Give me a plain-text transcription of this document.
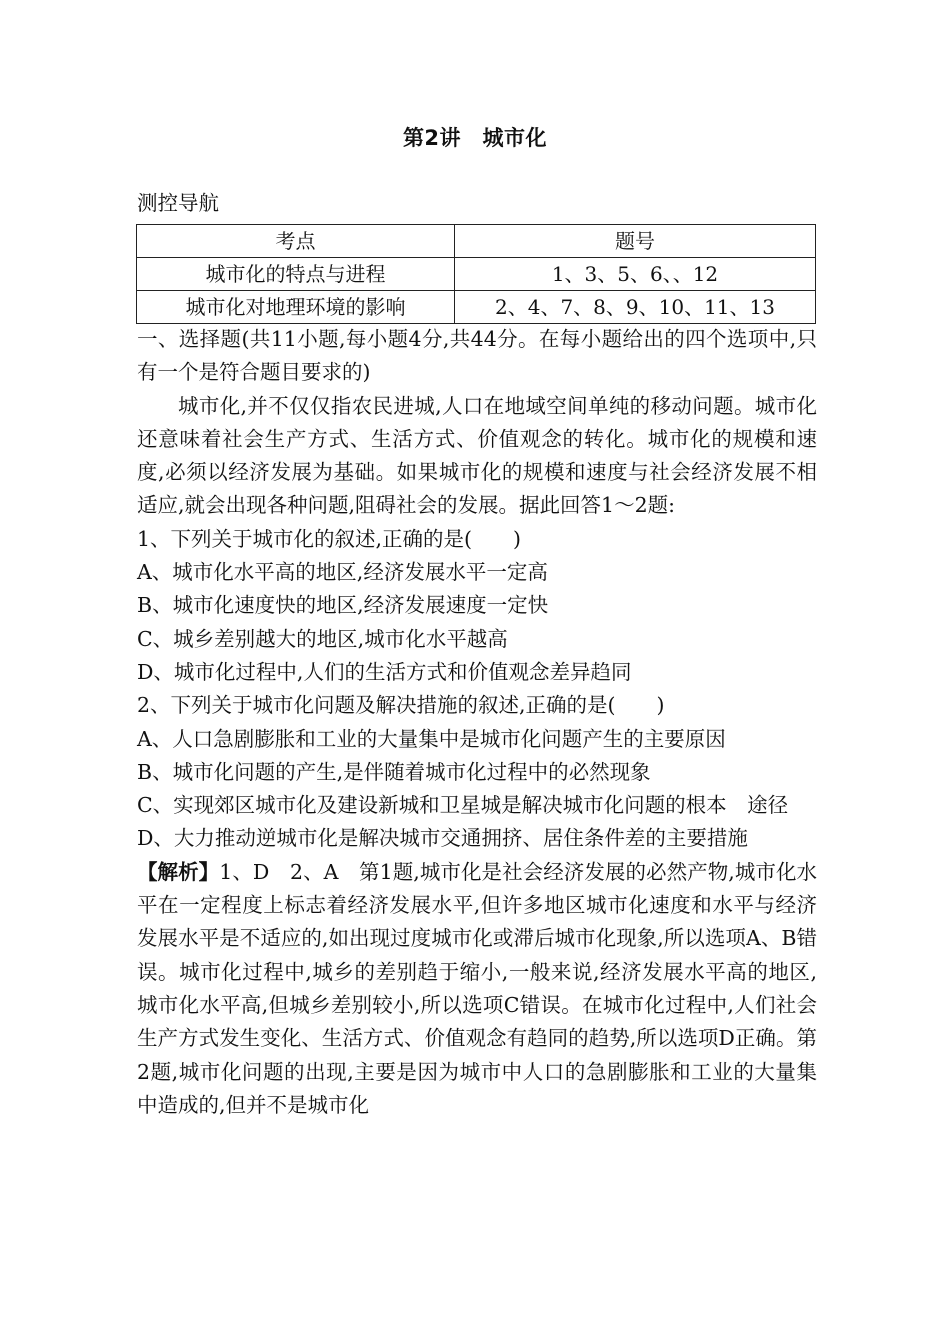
第2讲　城市化
测控导航
考点	题号
城市化的特点与进程	1、3、5、6、、12
城市化对地理环境的影响	2、4、7、8、9、10、11、13

一、选择题(共11小题,每小题4分,共44分。在每小题给出的四个选项中,只有一个是符合题目要求的)

城市化,并不仅仅指农民进城,人口在地域空间单纯的移动问题。城市化还意味着社会生产方式、生活方式、价值观念的转化。城市化的规模和速度,必须以经济发展为基础。如果城市化的规模和速度与社会经济发展不相适应,就会出现各种问题,阻碍社会的发展。据此回答1～2题:

1、下列关于城市化的叙述,正确的是(　　)

A、城市化水平高的地区,经济发展水平一定高

B、城市化速度快的地区,经济发展速度一定快

C、城乡差别越大的地区,城市化水平越高

D、城市化过程中,人们的生活方式和价值观念差异趋同

2、下列关于城市化问题及解决措施的叙述,正确的是(　　)

A、人口急剧膨胀和工业的大量集中是城市化问题产生的主要原因

B、城市化问题的产生,是伴随着城市化过程中的必然现象

C、实现郊区城市化及建设新城和卫星城是解决城市化问题的根本　途径

D、大力推动逆城市化是解决城市交通拥挤、居住条件差的主要措施

【解析】1、D　2、A　第1题,城市化是社会经济发展的必然产物,城市化水平在一定程度上标志着经济发展水平,但许多地区城市化速度和水平与经济发展水平是不适应的,如出现过度城市化或滞后城市化现象,所以选项A、B错误。城市化过程中,城乡的差别趋于缩小,一般来说,经济发展水平高的地区,城市化水平高,但城乡差别较小,所以选项C错误。在城市化过程中,人们社会生产方式发生变化、生活方式、价值观念有趋同的趋势,所以选项D正确。第2题,城市化问题的出现,主要是因为城市中人口的急剧膨胀和工业的大量集中造成的,但并不是城市化
